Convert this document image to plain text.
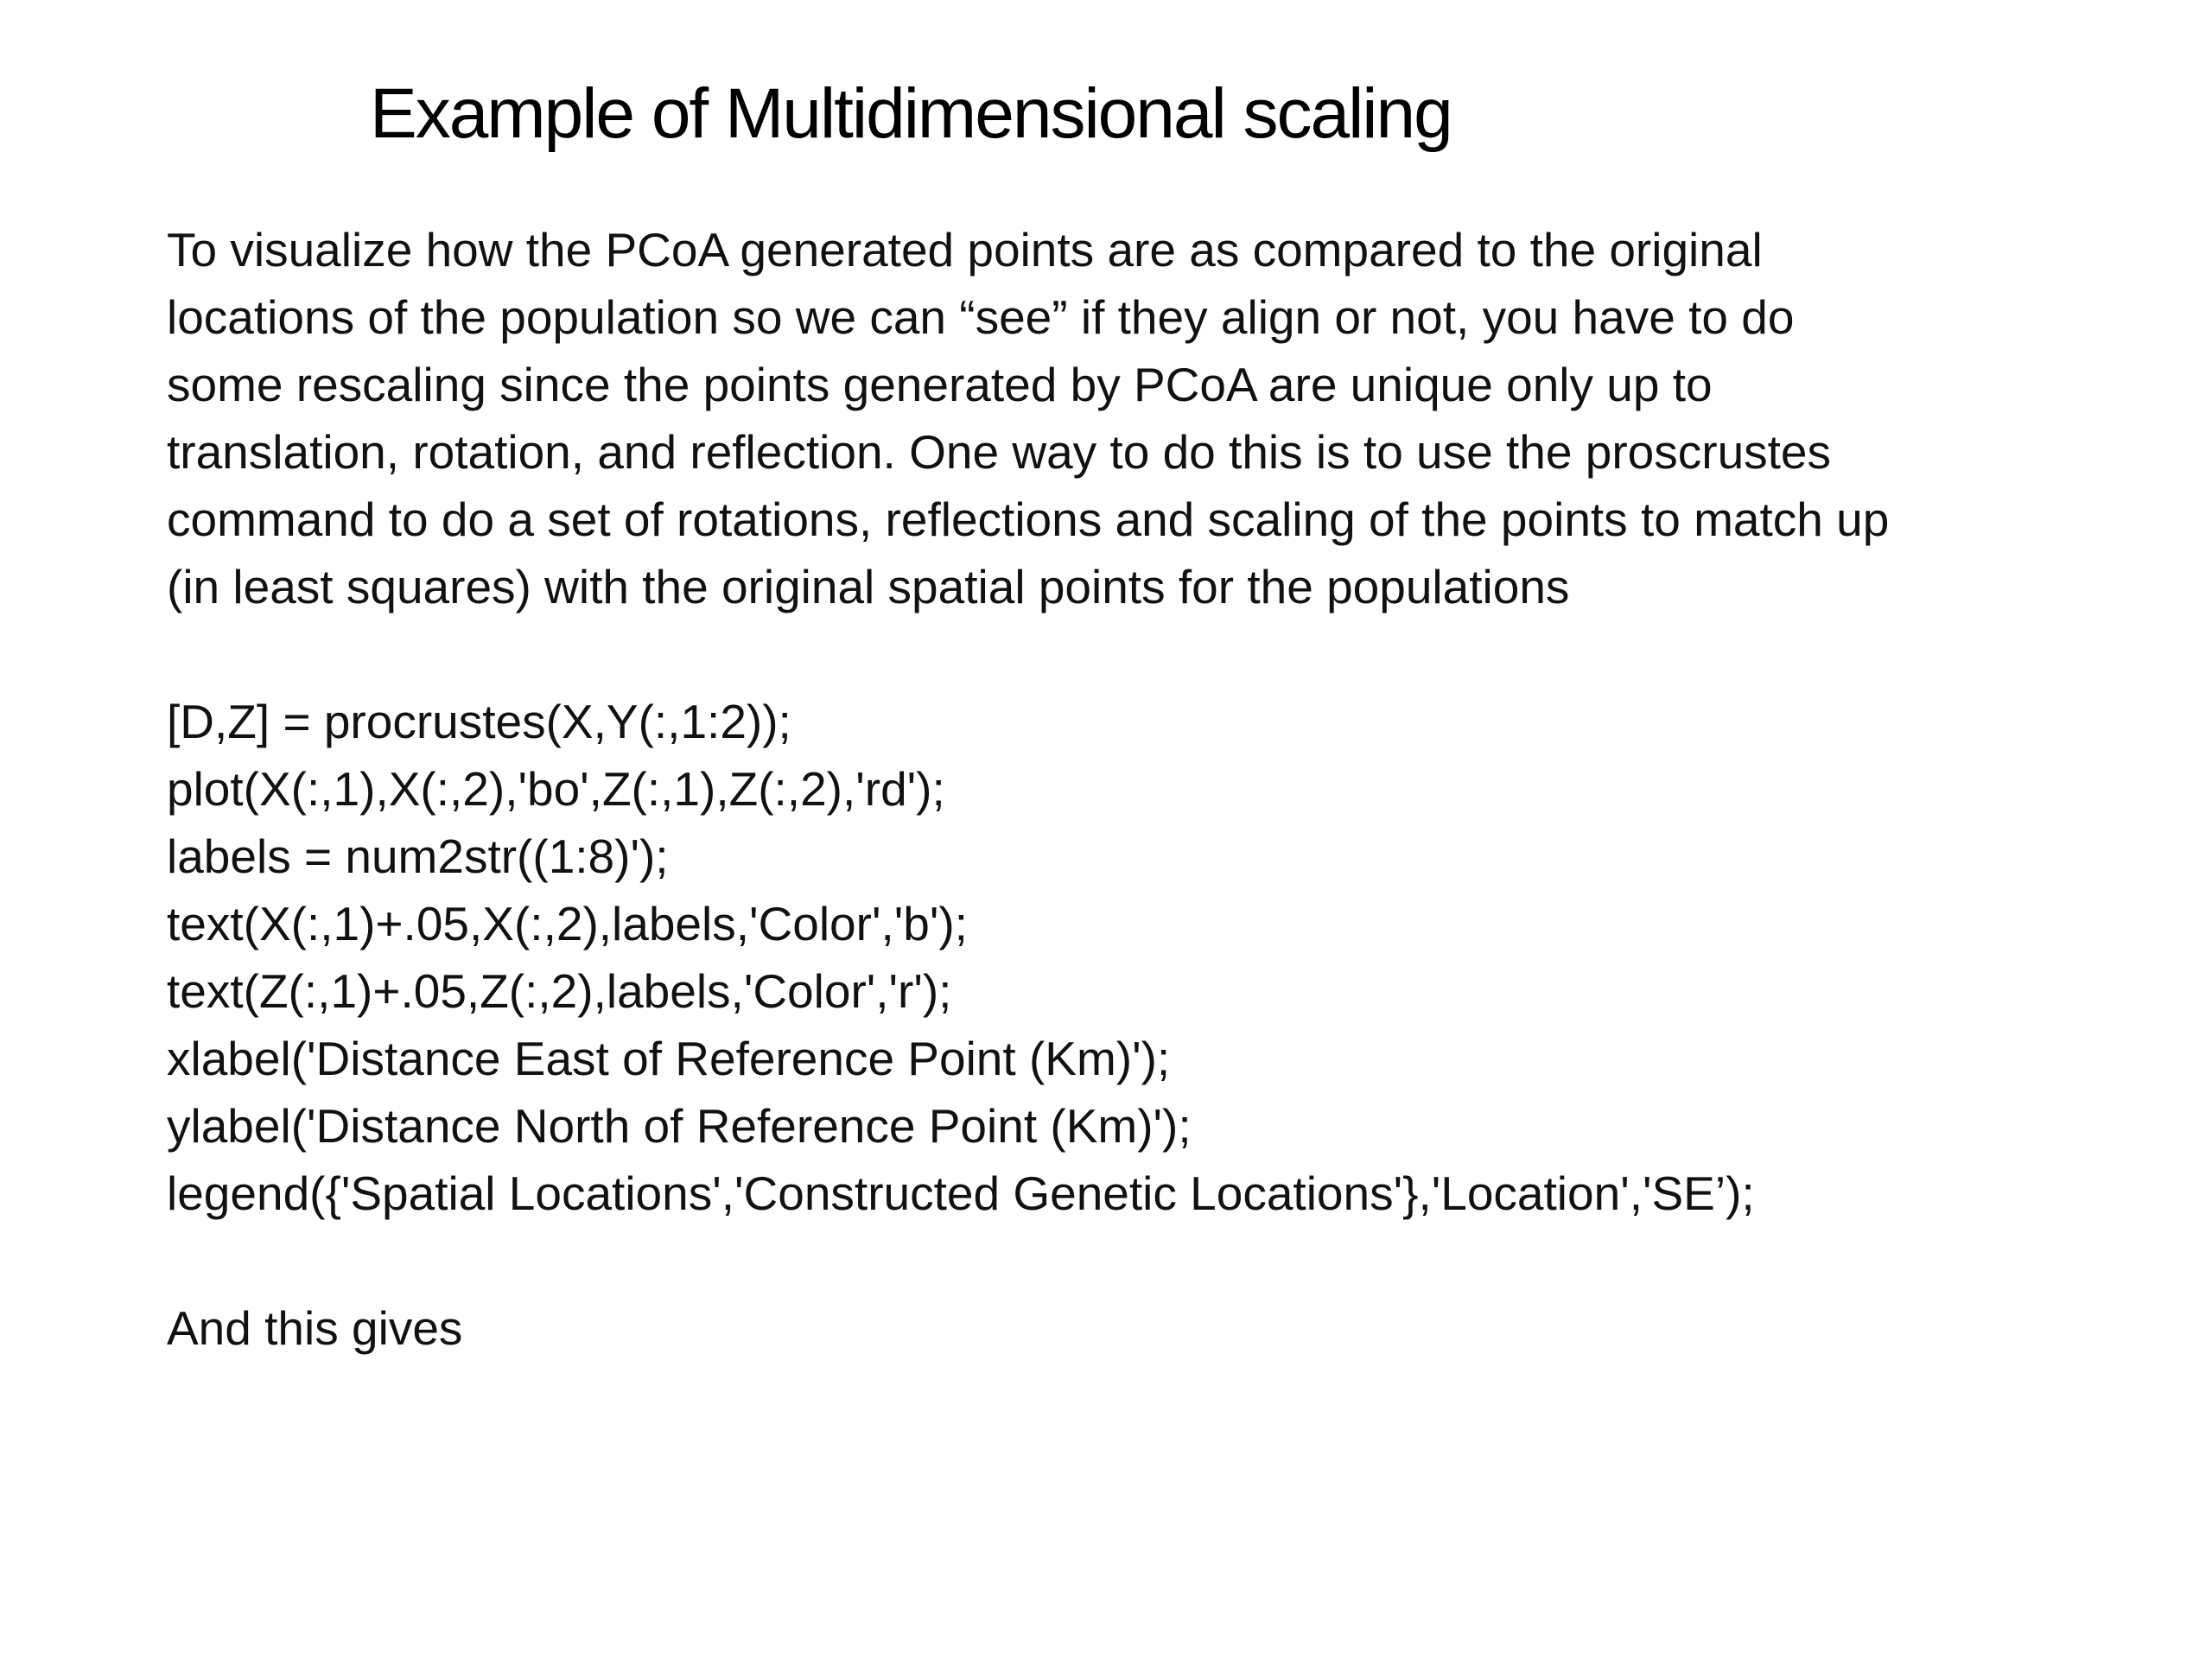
Example of Multidimensional scaling
To visualize how the PCoA generated points are as compared to the original
locations of the population so we can “see” if they align or not, you have to do
some rescaling since the points generated by PCoA are unique only up to
translation, rotation, and reflection. One way to do this is to use the proscrustes
command to do a set of rotations, reflections and scaling of the points to match up
(in least squares) with the original spatial points for the populations
[D,Z] = procrustes(X,Y(:,1:2));
plot(X(:,1),X(:,2),'bo',Z(:,1),Z(:,2),'rd');
labels = num2str((1:8)');
text(X(:,1)+.05,X(:,2),labels,'Color','b');
text(Z(:,1)+.05,Z(:,2),labels,'Color','r');
xlabel('Distance East of Reference Point (Km)');
ylabel('Distance North of Reference Point (Km)');
legend({'Spatial Locations','Constructed Genetic Locations'},'Location','SE’);
And this gives
